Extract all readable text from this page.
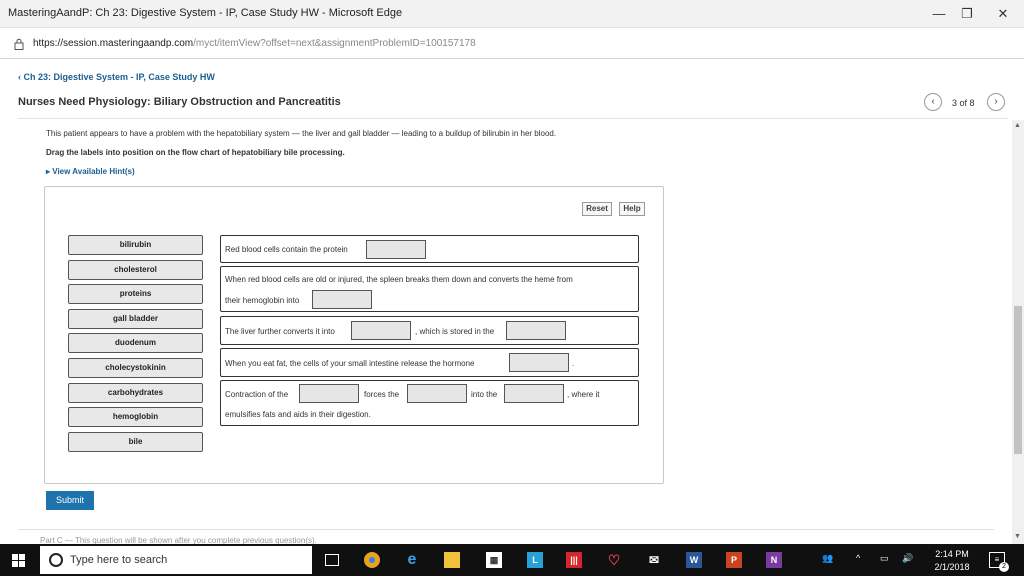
MasteringAandP: Ch 23: Digestive System - IP, Case Study HW - Microsoft Edge	—	❐	✕
https://session.masteringaandp.com/myct/itemView?offset=next&assignmentProblemID=100157178
‹ Ch 23: Digestive System - IP, Case Study HW
Nurses Need Physiology: Biliary Obstruction and Pancreatitis	‹	3 of 8	›
This patient appears to have a problem with the hepatobiliary system — the liver and gall bladder — leading to a buildup of bilirubin in her blood.
Drag the labels into position on the flow chart of hepatobiliary bile processing.
▸ View Available Hint(s)
Reset	Help
bilirubin
cholesterol
proteins
gall bladder
duodenum
cholecystokinin
carbohydrates
hemoglobin
bile
Red blood cells contain the protein
When red blood cells are old or injured, the spleen breaks them down and converts the heme from
their hemoglobin into
The liver further converts it into	, which is stored in the
When you eat fat, the cells of your small intestine release the hormone	.
Contraction of the	forces the	into the	, where it
emulsifies fats and aids in their digestion.
Submit
Part C — This question will be shown after you complete previous question(s).
▲
▼
Type here to search	🎙	e	▦	L	|||	♡ ✉	W	P	N	👥	^ ▭ 🔊	2:14 PM
2/1/2018
≡
2
